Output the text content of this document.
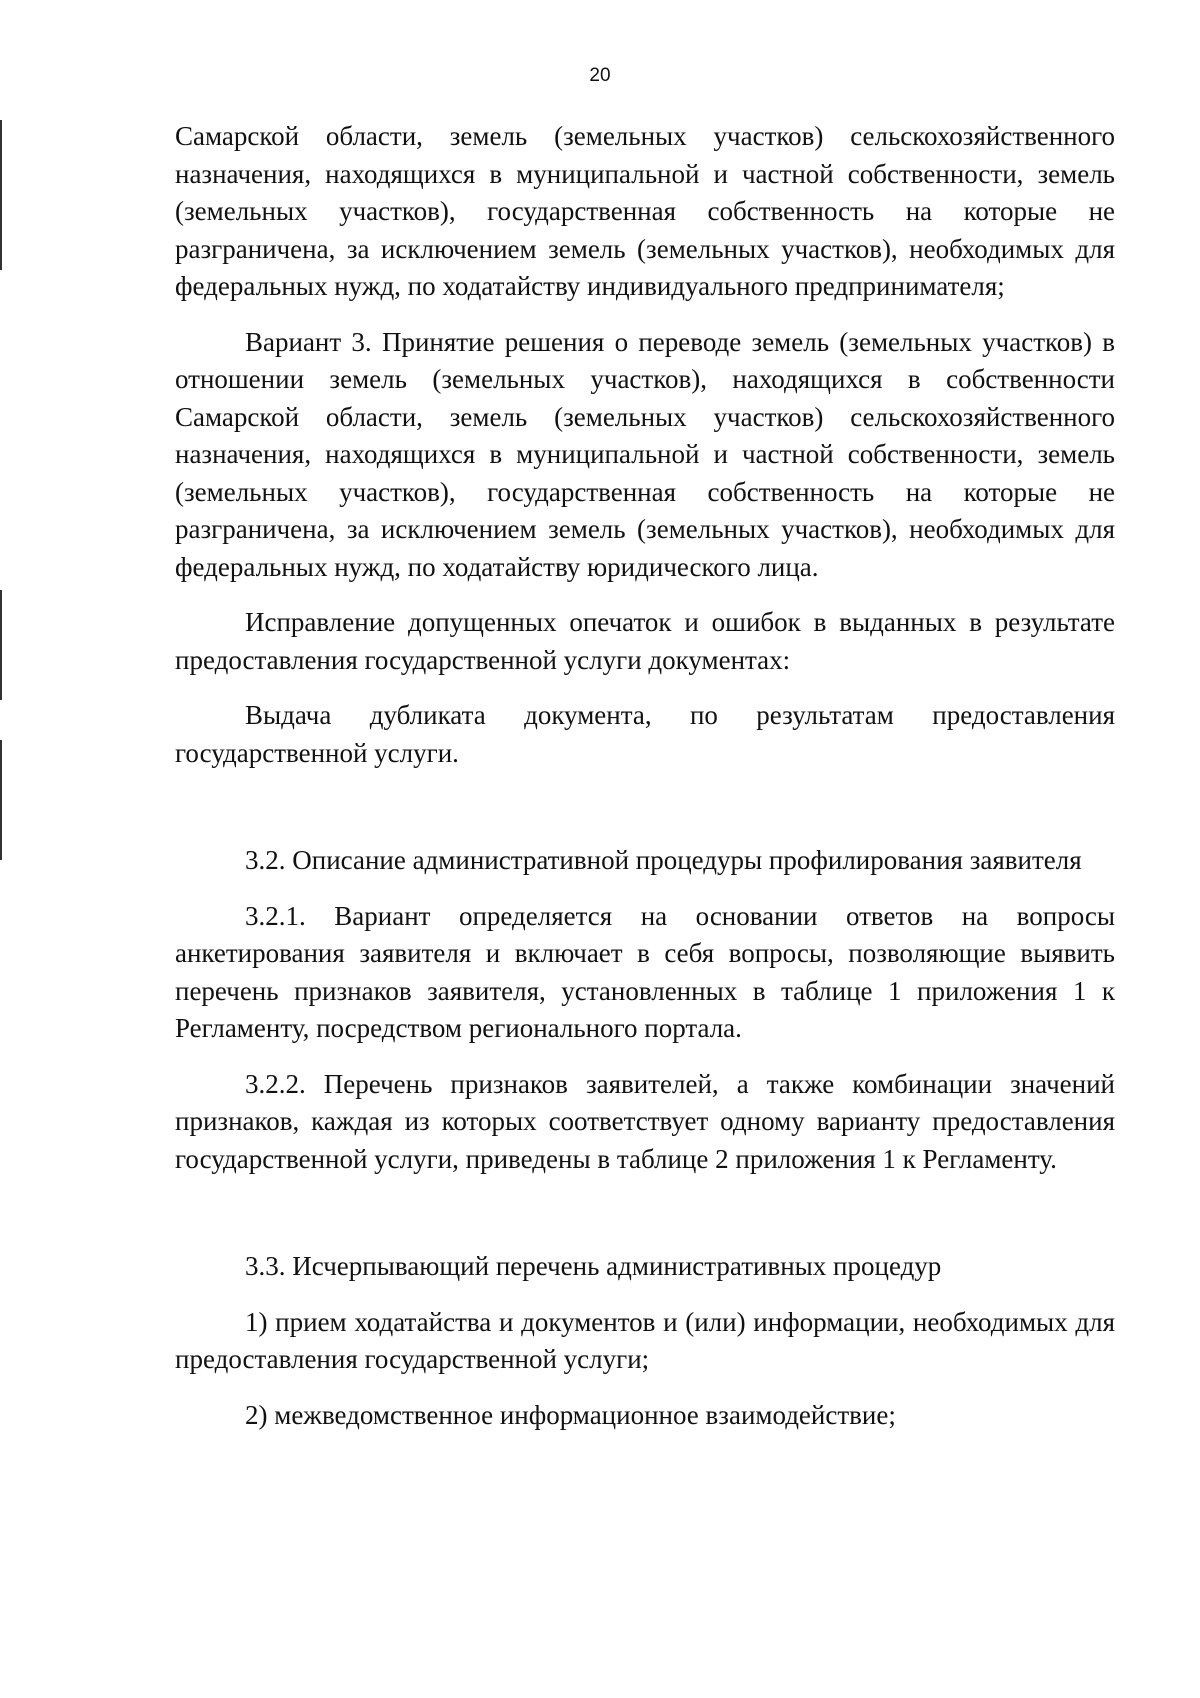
20

Самарской области, земель (земельных участков) сельскохозяйственного назначения, находящихся в муниципальной и частной собственности, земель (земельных участков), государственная собственность на которые не разграничена, за исключением земель (земельных участков), необходимых для федеральных нужд, по ходатайству индивидуального предпринимателя;

Вариант 3. Принятие решения о переводе земель (земельных участков) в отношении земель (земельных участков), находящихся в собственности Самарской области, земель (земельных участков) сельскохозяйственного назначения, находящихся в муниципальной и частной собственности, земель (земельных участков), государственная собственность на которые не разграничена, за исключением земель (земельных участков), необходимых для федеральных нужд, по ходатайству юридического лица.

Исправление допущенных опечаток и ошибок в выданных в результате предоставления государственной услуги документах:

Выдача дубликата документа, по результатам предоставления государственной услуги.

3.2. Описание административной процедуры профилирования заявителя

3.2.1. Вариант определяется на основании ответов на вопросы анкетирования заявителя и включает в себя вопросы, позволяющие выявить перечень признаков заявителя, установленных в таблице 1 приложения 1 к Регламенту, посредством регионального портала.

3.2.2. Перечень признаков заявителей, а также комбинации значений признаков, каждая из которых соответствует одному варианту предоставления государственной услуги, приведены в таблице 2 приложения 1 к Регламенту.

3.3. Исчерпывающий перечень административных процедур

1) прием ходатайства и документов и (или) информации, необходимых для предоставления государственной услуги;

2) межведомственное информационное взаимодействие;
